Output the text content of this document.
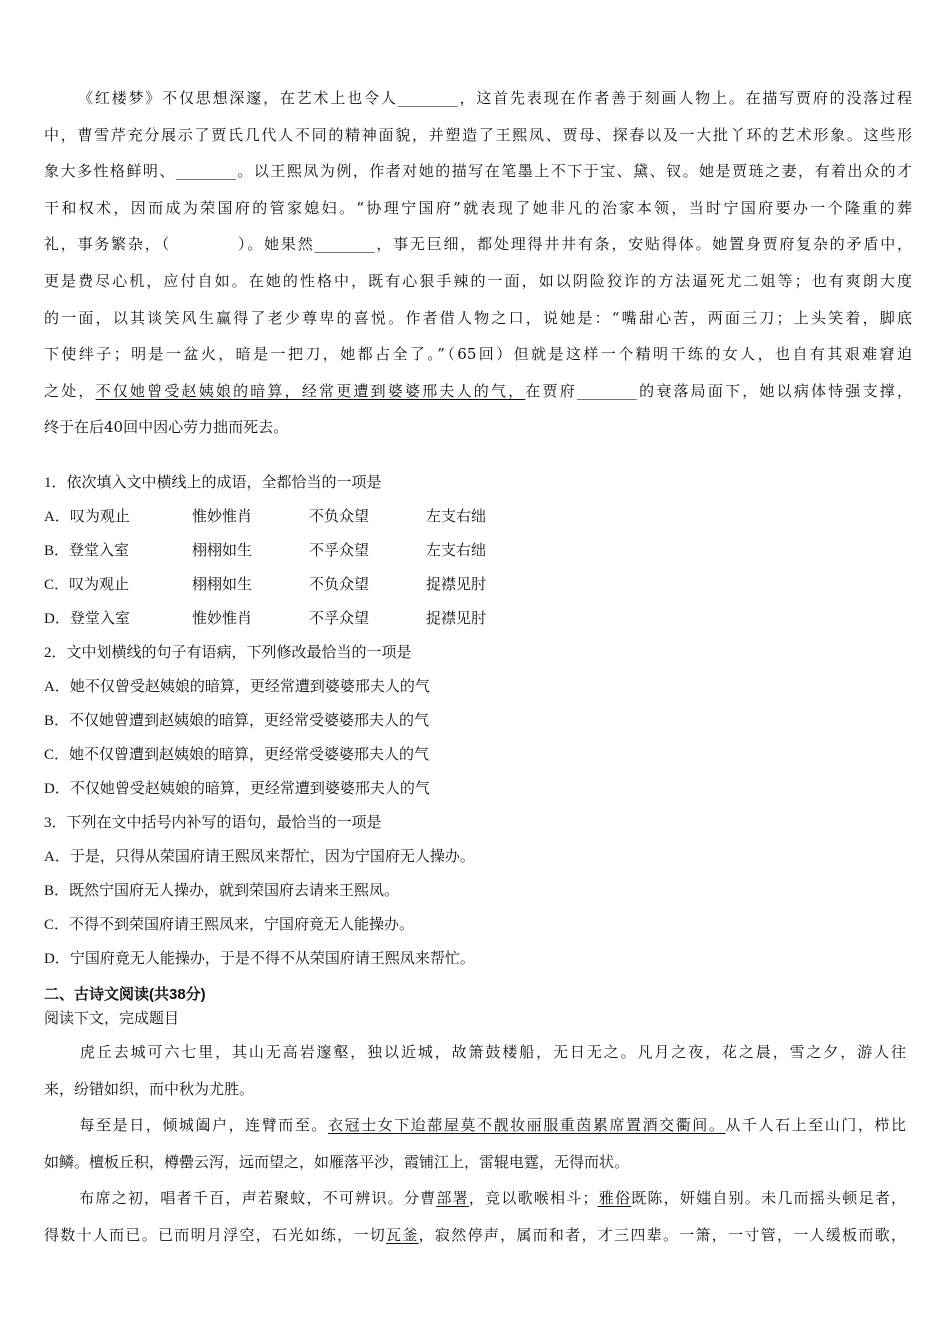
《红楼梦》不仅思想深邃，在艺术上也令人________，这首先表现在作者善于刻画人物上。在描写贾府的没落过程
中，曹雪芹充分展示了贾氏几代人不同的精神面貌，并塑造了王熙凤、贾母、探春以及一大批丫环的艺术形象。这些形
象大多性格鲜明、________。以王熙凤为例，作者对她的描写在笔墨上不下于宝、黛、钗。她是贾琏之妻，有着出众的才
干和权术，因而成为荣国府的管家媳妇。“协理宁国府”就表现了她非凡的治家本领，当时宁国府要办一个隆重的葬
礼，事务繁杂，（　　　　）。她果然________，事无巨细，都处理得井井有条，安贴得体。她置身贾府复杂的矛盾中，
更是费尽心机，应付自如。在她的性格中，既有心狠手辣的一面，如以阴险狡诈的方法逼死尤二姐等；也有爽朗大度
的一面，以其谈笑风生赢得了老少尊卑的喜悦。作者借人物之口，说她是：“嘴甜心苦，两面三刀；上头笑着，脚底
下使绊子；明是一盆火，暗是一把刀，她都占全了。”（65回）但就是这样一个精明干练的女人，也自有其艰难窘迫
之处，不仅她曾受赵姨娘的暗算，经常更遭到婆婆邢夫人的气，在贾府________的衰落局面下，她以病体恃强支撑，
终于在后40回中因心劳力拙而死去。
1．依次填入文中横线上的成语，全都恰当的一项是
A．叹为观止	惟妙惟肖	不负众望	左支右绌
B．登堂入室	栩栩如生	不孚众望	左支右绌
C．叹为观止	栩栩如生	不负众望	捉襟见肘
D．登堂入室	惟妙惟肖	不孚众望	捉襟见肘
2．文中划横线的句子有语病，下列修改最恰当的一项是
A．她不仅曾受赵姨娘的暗算，更经常遭到婆婆邢夫人的气
B．不仅她曾遭到赵姨娘的暗算，更经常受婆婆邢夫人的气
C．她不仅曾遭到赵姨娘的暗算，更经常受婆婆邢夫人的气
D．不仅她曾受赵姨娘的暗算，更经常遭到婆婆邢夫人的气
3．下列在文中括号内补写的语句，最恰当的一项是
A．于是，只得从荣国府请王熙凤来帮忙，因为宁国府无人操办。
B．既然宁国府无人操办，就到荣国府去请来王熙凤。
C．不得不到荣国府请王熙凤来，宁国府竟无人能操办。
D．宁国府竟无人能操办，于是不得不从荣国府请王熙凤来帮忙。
二、古诗文阅读(共38分)
阅读下文，完成题目
虎丘去城可六七里，其山无高岩邃壑，独以近城，故箫鼓楼船，无日无之。凡月之夜，花之晨，雪之夕，游人往
来，纷错如织，而中秋为尤胜。
每至是日，倾城阖户，连臂而至。衣冠士女下迨蔀屋莫不靓妆丽服重茵累席置酒交衢间。从千人石上至山门，栉比
如鳞。檀板丘积，樽罍云泻，远而望之，如雁落平沙，霞铺江上，雷辊电霆，无得而状。
布席之初，唱者千百，声若聚蚊，不可辨识。分曹部署，竞以歌喉相斗；雅俗既陈，妍媸自别。未几而摇头顿足者，
得数十人而已。已而明月浮空，石光如练，一切瓦釜，寂然停声，属而和者，才三四辈。一箫，一寸管，一人缓板而歌，
